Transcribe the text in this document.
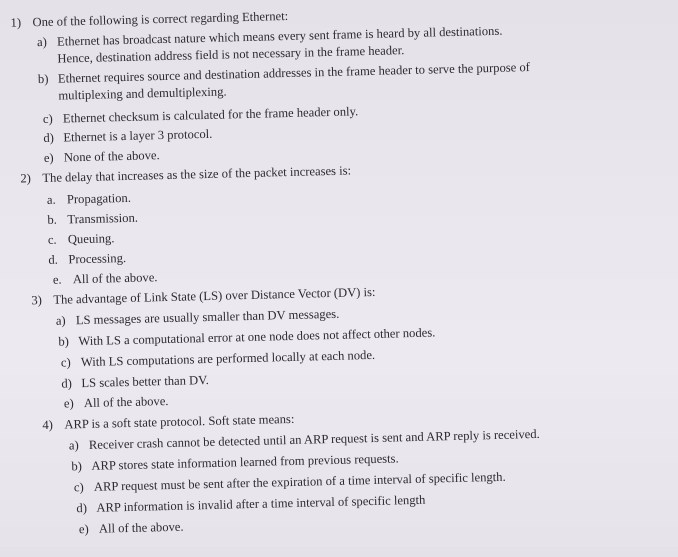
1) One of the following is correct regarding Ethernet:
a) Ethernet has broadcast nature which means every sent frame is heard by all destinations.
Hence, destination address field is not necessary in the frame header.
b) Ethernet requires source and destination addresses in the frame header to serve the purpose of
multiplexing and demultiplexing.
c) Ethernet checksum is calculated for the frame header only.
d) Ethernet is a layer 3 protocol.
e) None of the above.
2) The delay that increases as the size of the packet increases is:
a. Propagation.
b. Transmission.
c. Queuing.
d. Processing.
e. All of the above.
3) The advantage of Link State (LS) over Distance Vector (DV) is:
a) LS messages are usually smaller than DV messages.
b) With LS a computational error at one node does not affect other nodes.
c) With LS computations are performed locally at each node.
d) LS scales better than DV.
e) All of the above.
4) ARP is a soft state protocol. Soft state means:
a) Receiver crash cannot be detected until an ARP request is sent and ARP reply is received.
b) ARP stores state information learned from previous requests.
c) ARP request must be sent after the expiration of a time interval of specific length.
d) ARP information is invalid after a time interval of specific length
e) All of the above.
